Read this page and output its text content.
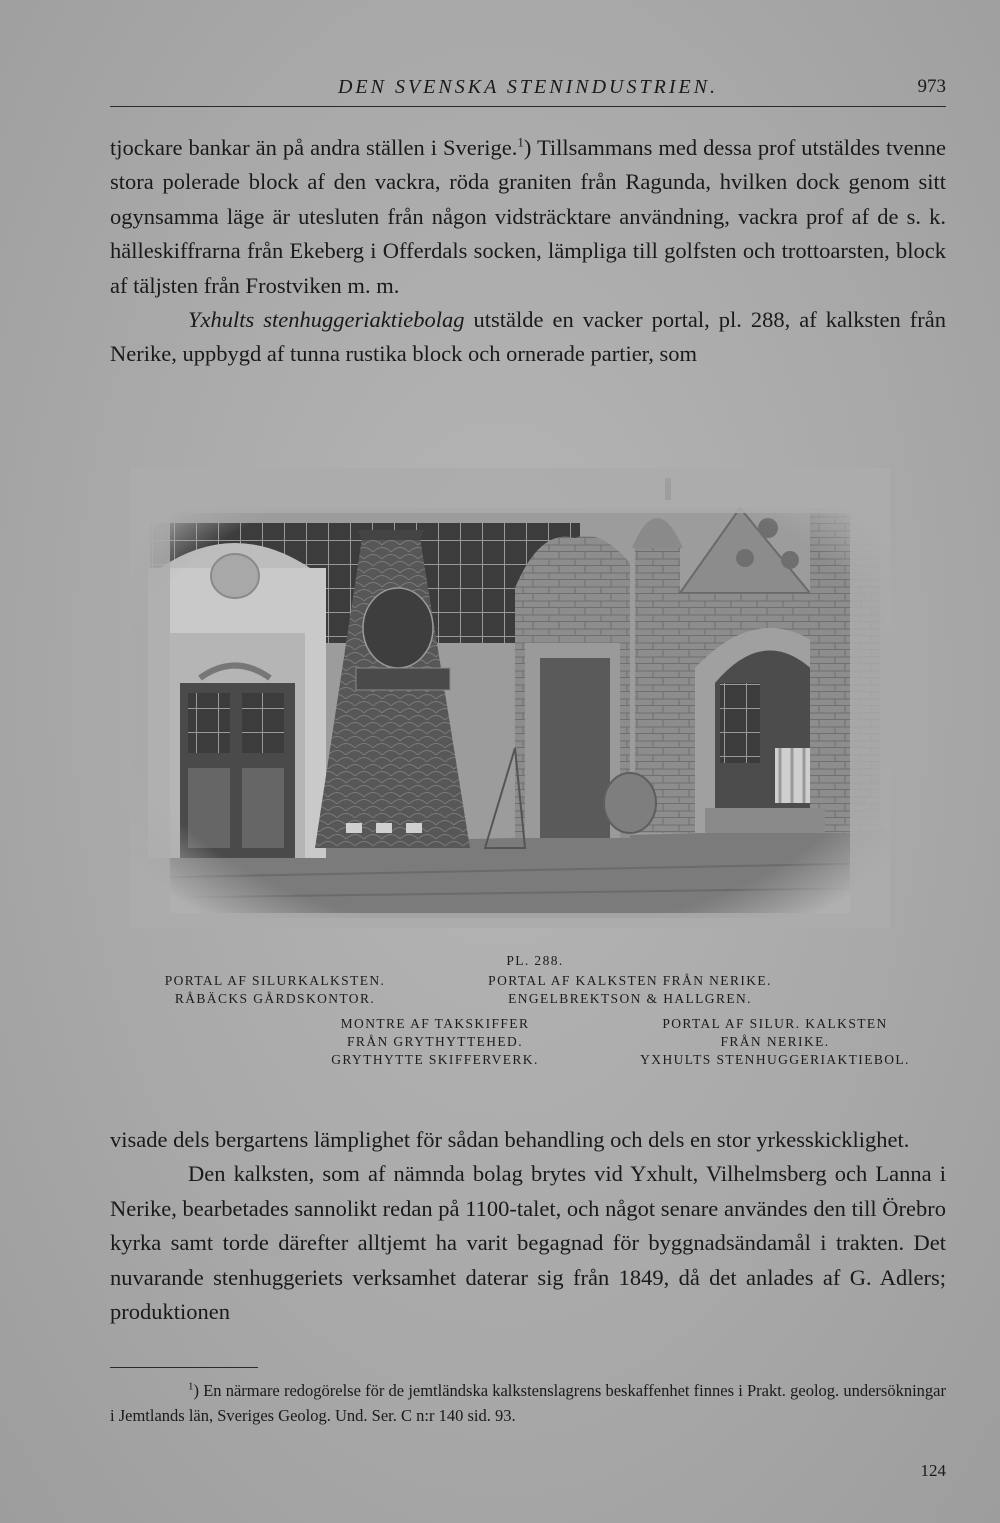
DEN SVENSKA STENINDUSTRIEN.	973

tjockare bankar än på andra ställen i Sverige.$^1$) Tillsammans med dessa prof utstäldes tvenne stora polerade block af den vackra, röda graniten från Ragunda, hvilken dock genom sitt ogynsamma läge är utesluten från någon vidsträcktare användning, vackra prof af de s. k. hälleskiffrarna från Ekeberg i Offerdals socken, lämpliga till golfsten och trottoarsten, block af täljsten från Frostviken m. m.

Yxhults stenhuggeriaktiebolag utstälde en vacker portal, pl. 288, af kalksten från Nerike, uppbygd af tunna rustika block och ornerade partier, som

PL. 288.
PORTAL AF SILURKALKSTEN.
RÅBÄCKS GÅRDSKONTOR.
PORTAL AF KALKSTEN FRÅN NERIKE.
ENGELBREKTSON & HALLGREN.
MONTRE AF TAKSKIFFER
FRÅN GRYTHYTTEHED.
GRYTHYTTE SKIFFERVERK.
PORTAL AF SILUR. KALKSTEN
FRÅN NERIKE.
YXHULTS STENHUGGERIAKTIEBOL.

visade dels bergartens lämplighet för sådan behandling och dels en stor yrkesskicklighet.

Den kalksten, som af nämnda bolag brytes vid Yxhult, Vilhelmsberg och Lanna i Nerike, bearbetades sannolikt redan på 1100-talet, och något senare användes den till Örebro kyrka samt torde därefter alltjemt ha varit begagnad för byggnadsändamål i trakten. Det nuvarande stenhuggeriets verksamhet daterar sig från 1849, då det anlades af G. Adlers; produktionen

$^1$) En närmare redogörelse för de jemtländska kalkstenslagrens beskaffenhet finnes i Prakt. geolog. undersökningar i Jemtlands län, Sveriges Geolog. Und. Ser. C n:r 140 sid. 93.

124
